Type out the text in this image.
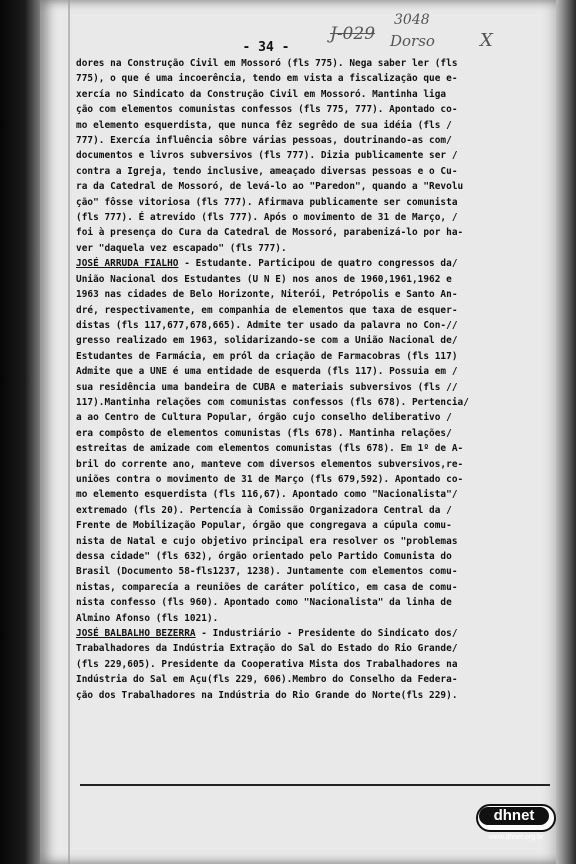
J-029
3048
Dorso	X
- 34 -
dores na Construção Civil em Mossoró (fls 775). Nega saber ler (fls
775), o que é uma incoerência, tendo em vista a fiscalização que e-
xercía no Sindicato da Construção Civil em Mossoró. Mantinha liga
ção com elementos comunistas confessos (fls 775, 777). Apontado co-
mo elemento esquerdista, que nunca fêz segrêdo de sua idéia (fls /
777). Exercía influência sôbre várias pessoas, doutrinando-as com/
documentos e livros subversivos (fls 777). Dizia publicamente ser /
contra a Igreja, tendo inclusive, ameaçado diversas pessoas e o Cu-
ra da Catedral de Mossoró, de levá-lo ao "Paredon", quando a "Revolu
ção" fôsse vitoriosa (fls 777). Afirmava publicamente ser comunista
(fls 777). É atrevido (fls 777). Após o movimento de 31 de Março, /
foi à presença do Cura da Catedral de Mossoró, parabenizá-lo por ha-
ver "daquela vez escapado" (fls 777).
JOSÉ ARRUDA FIALHO - Estudante. Participou de quatro congressos da/
União Nacional dos Estudantes (U N E) nos anos de 1960,1961,1962 e
1963 nas cidades de Belo Horizonte, Niterói, Petrópolis e Santo An-
dré, respectivamente, em companhia de elementos que taxa de esquer-
distas (fls 117,677,678,665). Admite ter usado da palavra no Con-//
gresso realizado em 1963, solidarizando-se com a União Nacional de/
Estudantes de Farmácia, em pról da criação de Farmacobras (fls 117)
Admite que a UNE é uma entidade de esquerda (fls 117). Possuia em /
sua residência uma bandeira de CUBA e materiais subversivos (fls //
117).Mantinha relações com comunistas confessos (fls 678). Pertencia/
a ao Centro de Cultura Popular, órgão cujo conselho deliberativo /
era compôsto de elementos comunistas (fls 678). Mantinha relações/
estreitas de amizade com elementos comunistas (fls 678). Em 1º de A-
bril do corrente ano, manteve com diversos elementos subversivos,re-
uniões contra o movimento de 31 de Março (fls 679,592). Apontado co-
mo elemento esquerdista (fls 116,67). Apontado como "Nacionalista"/
extremado (fls 20). Pertencía à Comissão Organizadora Central da /
Frente de Mobilização Popular, órgão que congregava a cúpula comu-
nista de Natal e cujo objetivo principal era resolver os "problemas
dessa cidade" (fls 632), órgão orientado pelo Partido Comunista do
Brasil (Documento 58-fls1237, 1238). Juntamente com elementos comu-
nistas, comparecía a reuniões de caráter político, em casa de comu-
nista confesso (fls 960). Apontado como "Nacionalista" da linha de
Almino Afonso (fls 1021).
JOSÉ BALBALHO BEZERRA - Industriário - Presidente do Sindicato dos/
Trabalhadores da Indústria Extração do Sal do Estado do Rio Grande/
(fls 229,605). Presidente da Cooperativa Mista dos Trabalhadores na
Indústria do Sal em Açu(fls 229, 606).Membro do Conselho da Federa-
ção dos Trabalhadores na Indústria do Rio Grande do Norte(fls 229).
dhnet
www.dhnet.org.br
